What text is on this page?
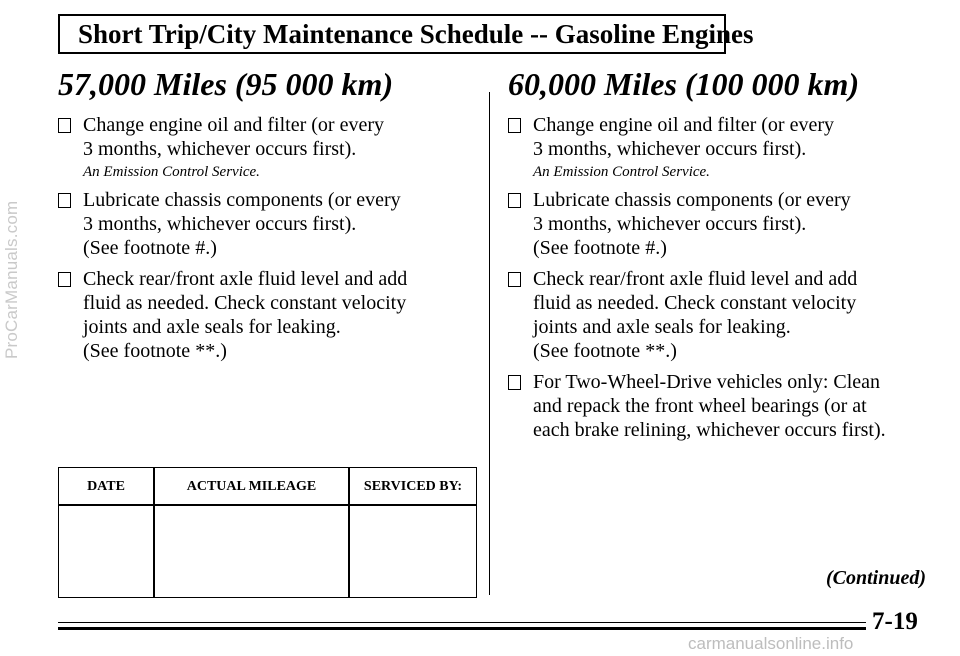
ProCarManuals.com
Short Trip/City Maintenance Schedule -- Gasoline Engines
57,000 Miles (95 000 km)
Change engine oil and filter (or every
3 months, whichever occurs first).
An Emission Control Service.
Lubricate chassis components (or every
3 months, whichever occurs first).
(See footnote #.)
Check rear/front axle fluid level and add
fluid as needed. Check constant velocity
joints and axle seals for leaking.
(See footnote **.)
60,000 Miles (100 000 km)
Change engine oil and filter (or every
3 months, whichever occurs first).
An Emission Control Service.
Lubricate chassis components (or every
3 months, whichever occurs first).
(See footnote #.)
Check rear/front axle fluid level and add
fluid as needed. Check constant velocity
joints and axle seals for leaking.
(See footnote **.)
For Two-Wheel-Drive vehicles only: Clean
and repack the front wheel bearings (or at
each brake relining, whichever occurs first).
DATE	ACTUAL MILEAGE	SERVICED BY:
(Continued)
7-19
carmanualsonline.info
